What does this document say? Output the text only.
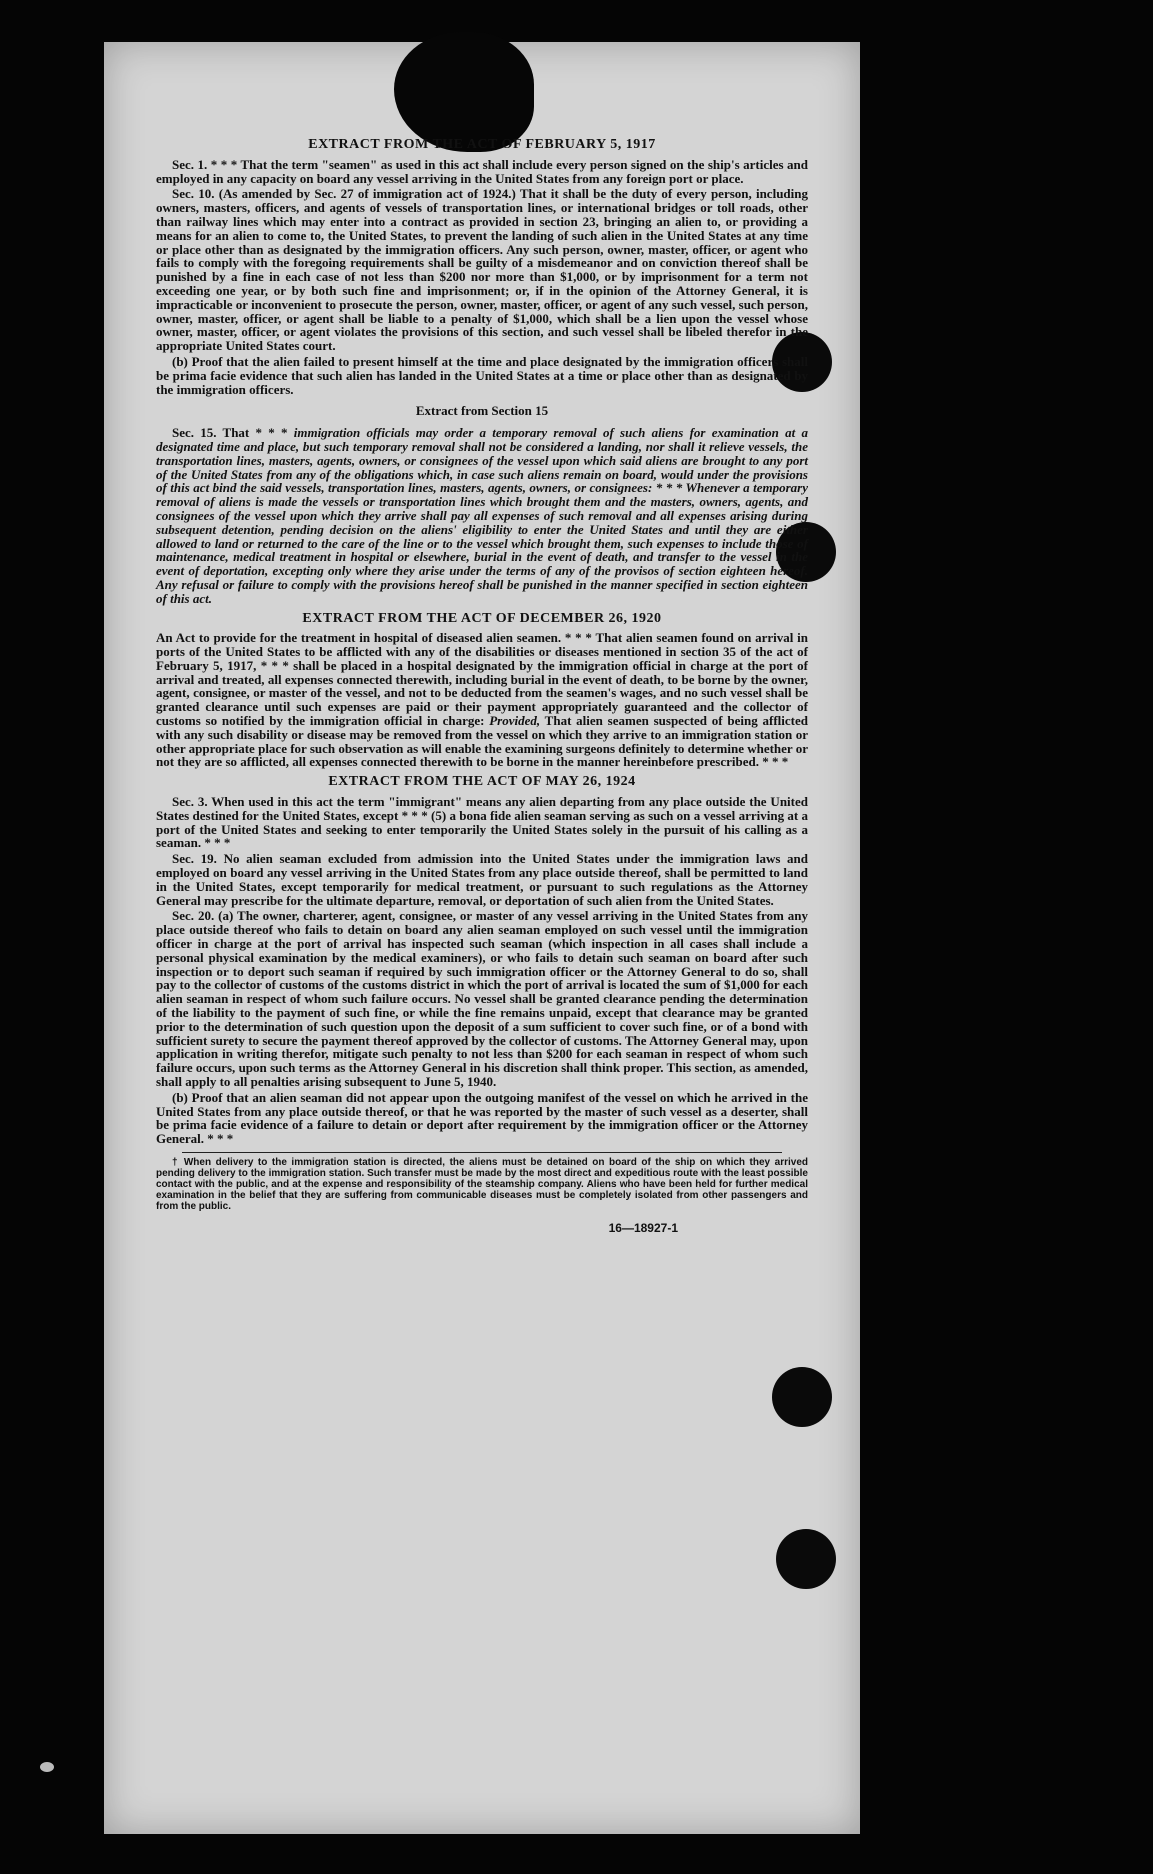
EXTRACT FROM THE ACT OF FEBRUARY 5, 1917

Sec. 1. * * * That the term "seamen" as used in this act shall include every person signed on the ship's articles and employed in any capacity on board any vessel arriving in the United States from any foreign port or place.

Sec. 10. (As amended by Sec. 27 of immigration act of 1924.) That it shall be the duty of every person, including owners, masters, officers, and agents of vessels of transportation lines, or international bridges or toll roads, other than railway lines which may enter into a contract as provided in section 23, bringing an alien to, or providing a means for an alien to come to, the United States, to prevent the landing of such alien in the United States at any time or place other than as designated by the immigration officers. Any such person, owner, master, officer, or agent who fails to comply with the foregoing requirements shall be guilty of a misdemeanor and on conviction thereof shall be punished by a fine in each case of not less than $200 nor more than $1,000, or by imprisonment for a term not exceeding one year, or by both such fine and imprisonment; or, if in the opinion of the Attorney General, it is impracticable or inconvenient to prosecute the person, owner, master, officer, or agent of any such vessel, such person, owner, master, officer, or agent shall be liable to a penalty of $1,000, which shall be a lien upon the vessel whose owner, master, officer, or agent violates the provisions of this section, and such vessel shall be libeled therefor in the appropriate United States court.

(b) Proof that the alien failed to present himself at the time and place designated by the immigration officers shall be prima facie evidence that such alien has landed in the United States at a time or place other than as designated by the immigration officers.

Extract from Section 15

Sec. 15. That * * * immigration officials may order a temporary removal of such aliens for examination at a designated time and place, but such temporary removal shall not be considered a landing, nor shall it relieve vessels, the transportation lines, masters, agents, owners, or consignees of the vessel upon which said aliens are brought to any port of the United States from any of the obligations which, in case such aliens remain on board, would under the provisions of this act bind the said vessels, transportation lines, masters, agents, owners, or consignees: * * * Whenever a temporary removal of aliens is made the vessels or transportation lines which brought them and the masters, owners, agents, and consignees of the vessel upon which they arrive shall pay all expenses of such removal and all expenses arising during subsequent detention, pending decision on the aliens' eligibility to enter the United States and until they are either allowed to land or returned to the care of the line or to the vessel which brought them, such expenses to include those of maintenance, medical treatment in hospital or elsewhere, burial in the event of death, and transfer to the vessel in the event of deportation, excepting only where they arise under the terms of any of the provisos of section eighteen hereof. Any refusal or failure to comply with the provisions hereof shall be punished in the manner specified in section eighteen of this act.

EXTRACT FROM THE ACT OF DECEMBER 26, 1920

An Act to provide for the treatment in hospital of diseased alien seamen. * * * That alien seamen found on arrival in ports of the United States to be afflicted with any of the disabilities or diseases mentioned in section 35 of the act of February 5, 1917, * * * shall be placed in a hospital designated by the immigration official in charge at the port of arrival and treated, all expenses connected therewith, including burial in the event of death, to be borne by the owner, agent, consignee, or master of the vessel, and not to be deducted from the seamen's wages, and no such vessel shall be granted clearance until such expenses are paid or their payment appropriately guaranteed and the collector of customs so notified by the immigration official in charge: Provided, That alien seamen suspected of being afflicted with any such disability or disease may be removed from the vessel on which they arrive to an immigration station or other appropriate place for such observation as will enable the examining surgeons definitely to determine whether or not they are so afflicted, all expenses connected therewith to be borne in the manner hereinbefore prescribed. * * *

EXTRACT FROM THE ACT OF MAY 26, 1924

Sec. 3. When used in this act the term "immigrant" means any alien departing from any place outside the United States destined for the United States, except * * * (5) a bona fide alien seaman serving as such on a vessel arriving at a port of the United States and seeking to enter temporarily the United States solely in the pursuit of his calling as a seaman. * * *

Sec. 19. No alien seaman excluded from admission into the United States under the immigration laws and employed on board any vessel arriving in the United States from any place outside thereof, shall be permitted to land in the United States, except temporarily for medical treatment, or pursuant to such regulations as the Attorney General may prescribe for the ultimate departure, removal, or deportation of such alien from the United States.

Sec. 20. (a) The owner, charterer, agent, consignee, or master of any vessel arriving in the United States from any place outside thereof who fails to detain on board any alien seaman employed on such vessel until the immigration officer in charge at the port of arrival has inspected such seaman (which inspection in all cases shall include a personal physical examination by the medical examiners), or who fails to detain such seaman on board after such inspection or to deport such seaman if required by such immigration officer or the Attorney General to do so, shall pay to the collector of customs of the customs district in which the port of arrival is located the sum of $1,000 for each alien seaman in respect of whom such failure occurs. No vessel shall be granted clearance pending the determination of the liability to the payment of such fine, or while the fine remains unpaid, except that clearance may be granted prior to the determination of such question upon the deposit of a sum sufficient to cover such fine, or of a bond with sufficient surety to secure the payment thereof approved by the collector of customs. The Attorney General may, upon application in writing therefor, mitigate such penalty to not less than $200 for each seaman in respect of whom such failure occurs, upon such terms as the Attorney General in his discretion shall think proper. This section, as amended, shall apply to all penalties arising subsequent to June 5, 1940.

(b) Proof that an alien seaman did not appear upon the outgoing manifest of the vessel on which he arrived in the United States from any place outside thereof, or that he was reported by the master of such vessel as a deserter, shall be prima facie evidence of a failure to detain or deport after requirement by the immigration officer or the Attorney General. * * *

† When delivery to the immigration station is directed, the aliens must be detained on board of the ship on which they arrived pending delivery to the immigration station. Such transfer must be made by the most direct and expeditious route with the least possible contact with the public, and at the expense and responsibility of the steamship company. Aliens who have been held for further medical examination in the belief that they are suffering from communicable diseases must be completely isolated from other passengers and from the public.

16—18927-1
